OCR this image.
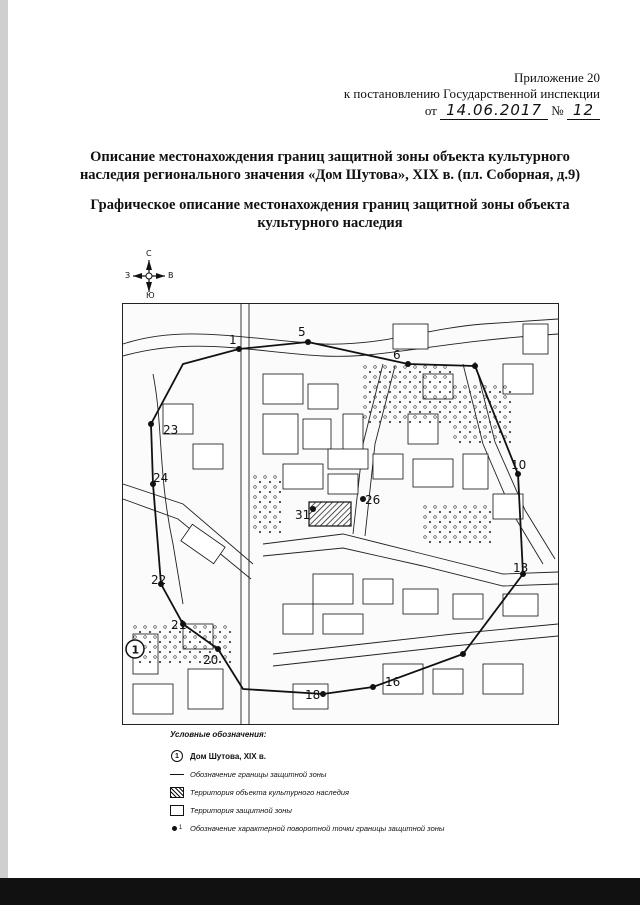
Приложение 20
к постановлению Государственной инспекции
от 14.06.2017 № 12
Описание местонахождения границ защитной зоны объекта культурного наследия регионального значения «Дом Шутова», XIX в. (пл. Соборная, д.9)
Графическое описание местонахождения границ защитной зоны объекта культурного наследия
С
Ю
З	В
23
24
22
21
20
18
16
13
10
6
5
1
26
31
1
Условные обозначения:
1	Дом Шутова, XIX в.
Обозначение границы защитной зоны
Территория объекта культурного наследия
Территория защитной зоны
1 Обозначение характерной поворотной точки границы защитной зоны
